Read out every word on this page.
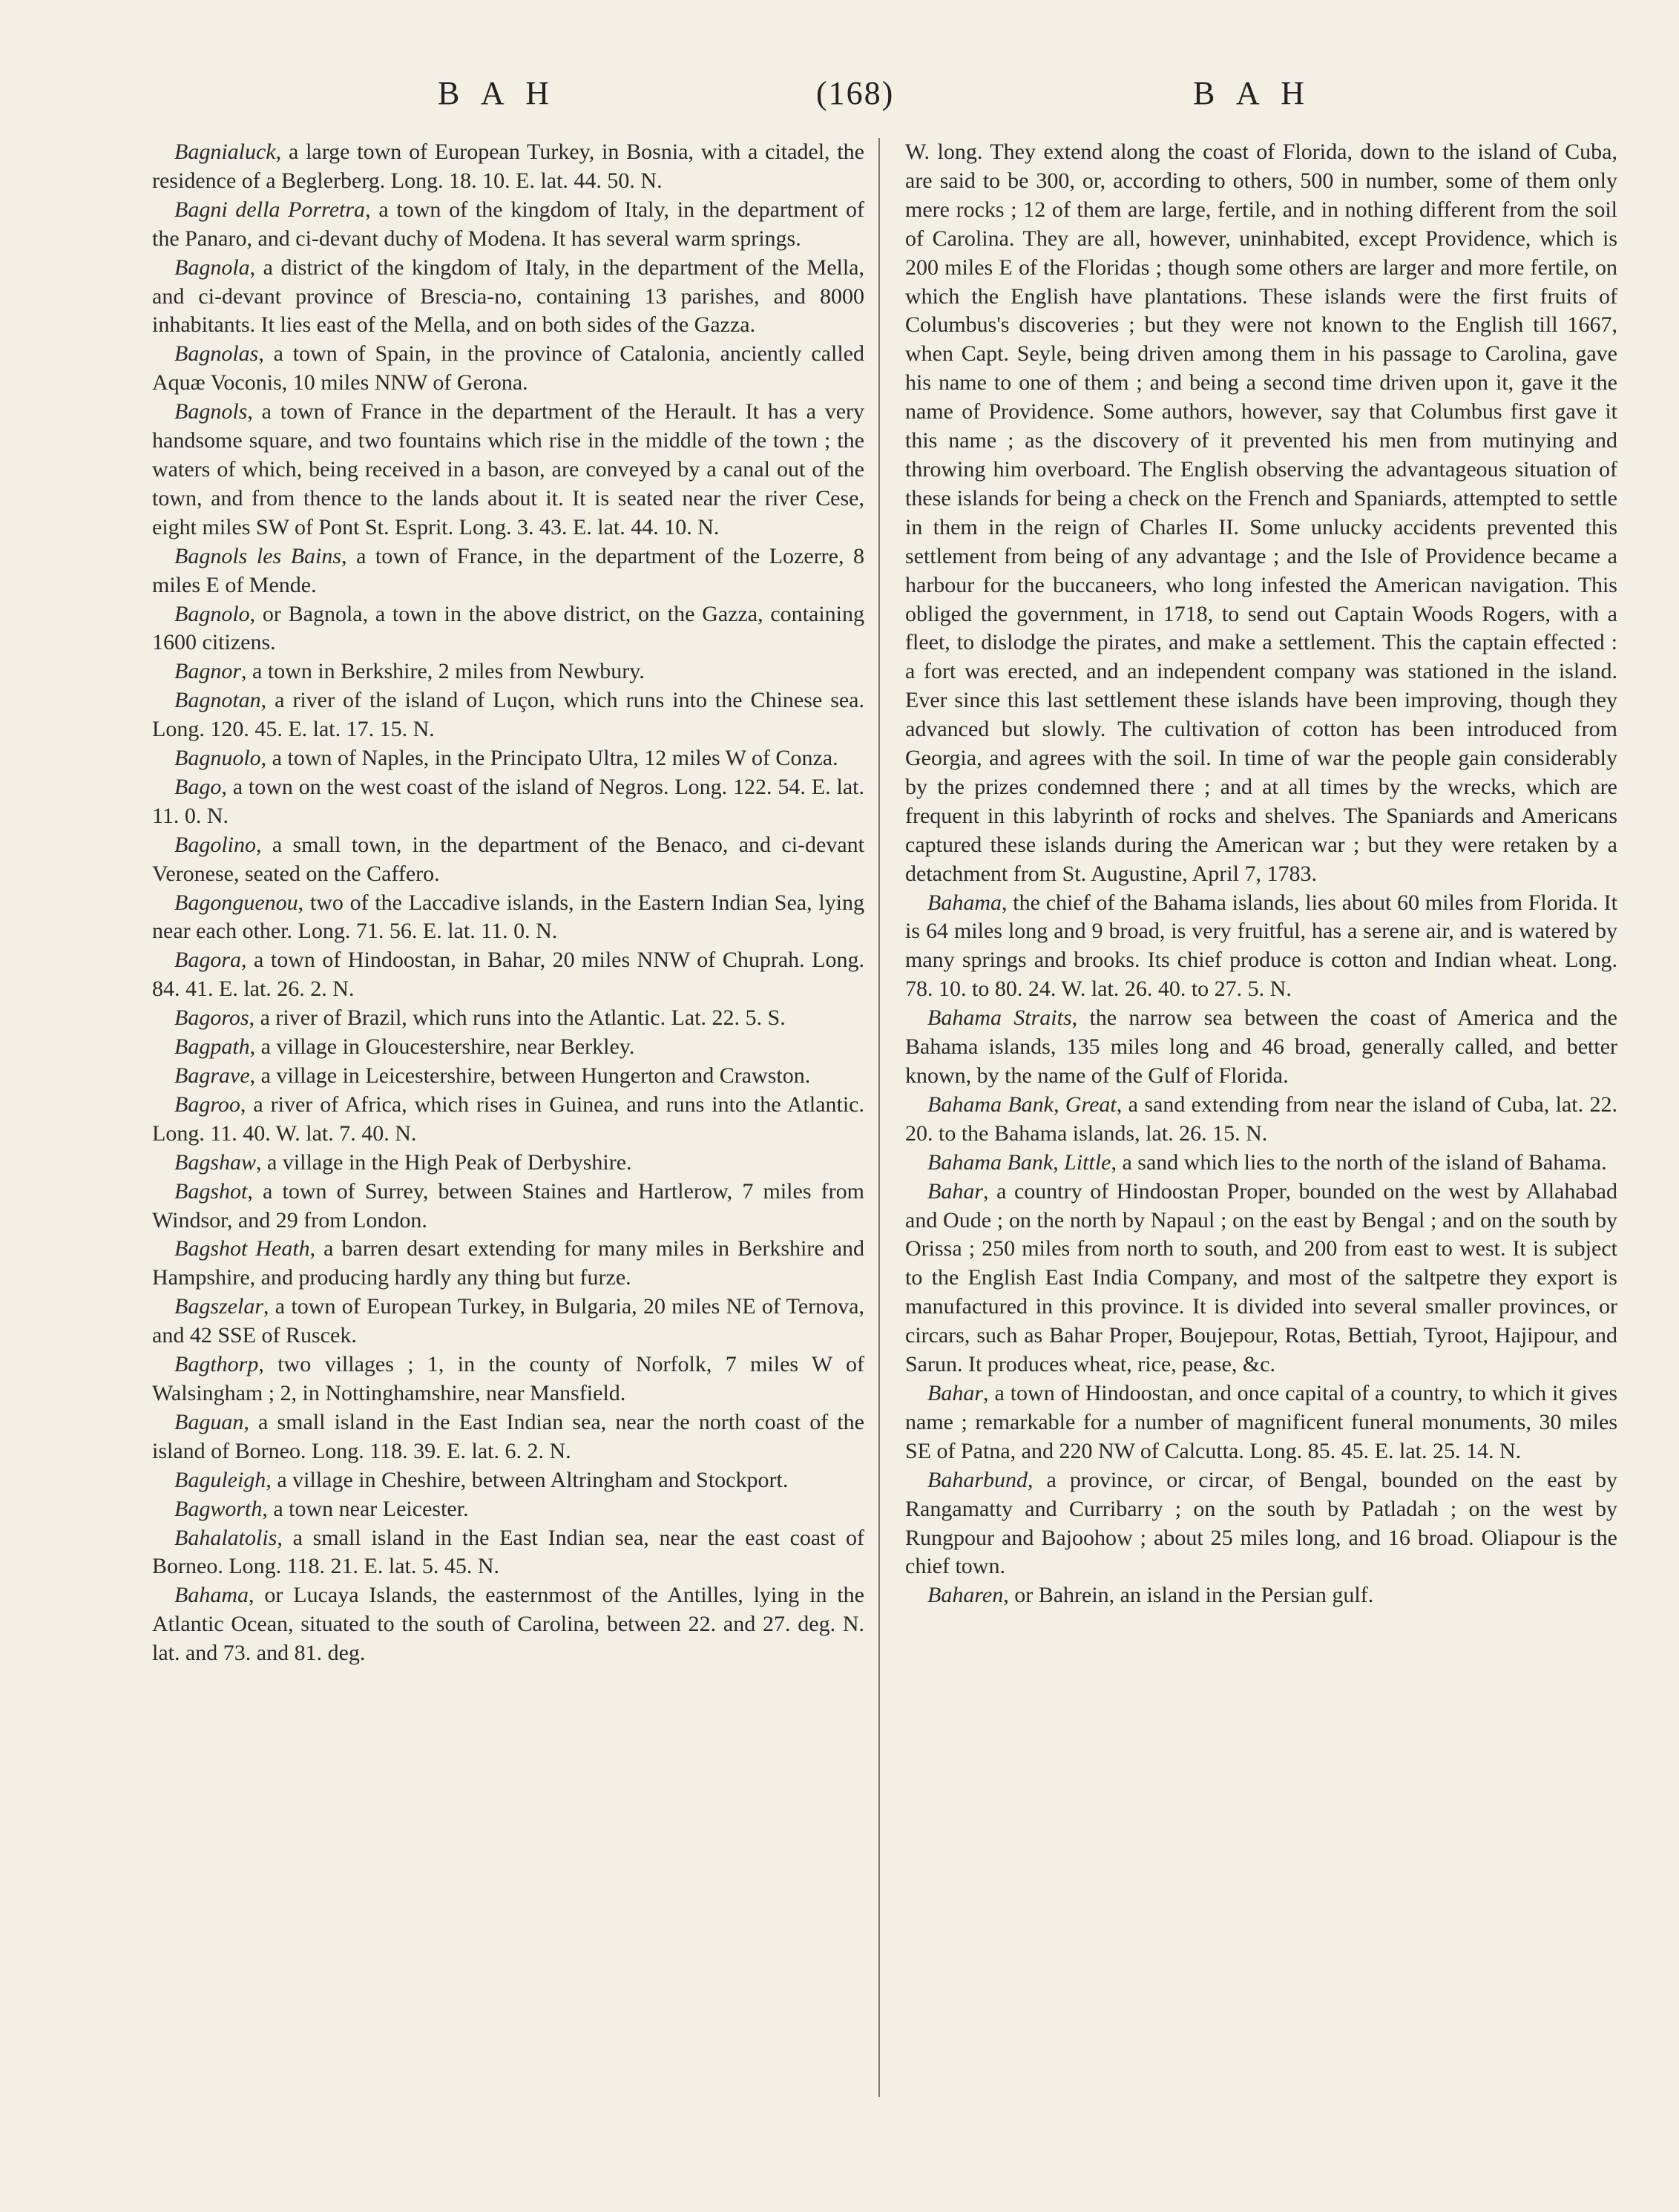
B A H	(168)	B A H

Bagnialuck, a large town of European Turkey, in Bosnia, with a citadel, the residence of a Beglerberg. Long. 18. 10. E. lat. 44. 50. N.

Bagni della Porretra, a town of the kingdom of Italy, in the department of the Panaro, and ci-devant duchy of Modena. It has several warm springs.

Bagnola, a district of the kingdom of Italy, in the department of the Mella, and ci-devant province of Brescia-no, containing 13 parishes, and 8000 inhabitants. It lies east of the Mella, and on both sides of the Gazza.

Bagnolas, a town of Spain, in the province of Catalonia, anciently called Aquæ Voconis, 10 miles NNW of Gerona.

Bagnols, a town of France in the department of the Herault. It has a very handsome square, and two fountains which rise in the middle of the town ; the waters of which, being received in a bason, are conveyed by a canal out of the town, and from thence to the lands about it. It is seated near the river Cese, eight miles SW of Pont St. Esprit. Long. 3. 43. E. lat. 44. 10. N.

Bagnols les Bains, a town of France, in the department of the Lozerre, 8 miles E of Mende.

Bagnolo, or Bagnola, a town in the above district, on the Gazza, containing 1600 citizens.

Bagnor, a town in Berkshire, 2 miles from Newbury.

Bagnotan, a river of the island of Luçon, which runs into the Chinese sea. Long. 120. 45. E. lat. 17. 15. N.

Bagnuolo, a town of Naples, in the Principato Ultra, 12 miles W of Conza.

Bago, a town on the west coast of the island of Negros. Long. 122. 54. E. lat. 11. 0. N.

Bagolino, a small town, in the department of the Benaco, and ci-devant Veronese, seated on the Caffero.

Bagonguenou, two of the Laccadive islands, in the Eastern Indian Sea, lying near each other. Long. 71. 56. E. lat. 11. 0. N.

Bagora, a town of Hindoostan, in Bahar, 20 miles NNW of Chuprah. Long. 84. 41. E. lat. 26. 2. N.

Bagoros, a river of Brazil, which runs into the Atlantic. Lat. 22. 5. S.

Bagpath, a village in Gloucestershire, near Berkley.

Bagrave, a village in Leicestershire, between Hungerton and Crawston.

Bagroo, a river of Africa, which rises in Guinea, and runs into the Atlantic. Long. 11. 40. W. lat. 7. 40. N.

Bagshaw, a village in the High Peak of Derbyshire.

Bagshot, a town of Surrey, between Staines and Hartlerow, 7 miles from Windsor, and 29 from London.

Bagshot Heath, a barren desart extending for many miles in Berkshire and Hampshire, and producing hardly any thing but furze.

Bagszelar, a town of European Turkey, in Bulgaria, 20 miles NE of Ternova, and 42 SSE of Ruscek.

Bagthorp, two villages ; 1, in the county of Norfolk, 7 miles W of Walsingham ; 2, in Nottinghamshire, near Mansfield.

Baguan, a small island in the East Indian sea, near the north coast of the island of Borneo. Long. 118. 39. E. lat. 6. 2. N.

Baguleigh, a village in Cheshire, between Altringham and Stockport.

Bagworth, a town near Leicester.

Bahalatolis, a small island in the East Indian sea, near the east coast of Borneo. Long. 118. 21. E. lat. 5. 45. N.

Bahama, or Lucaya Islands, the easternmost of the Antilles, lying in the Atlantic Ocean, situated to the south of Carolina, between 22. and 27. deg. N. lat. and 73. and 81. deg.

W. long. They extend along the coast of Florida, down to the island of Cuba, are said to be 300, or, according to others, 500 in number, some of them only mere rocks ; 12 of them are large, fertile, and in nothing different from the soil of Carolina. They are all, however, uninhabited, except Providence, which is 200 miles E of the Floridas ; though some others are larger and more fertile, on which the English have plantations. These islands were the first fruits of Columbus's discoveries ; but they were not known to the English till 1667, when Capt. Seyle, being driven among them in his passage to Carolina, gave his name to one of them ; and being a second time driven upon it, gave it the name of Providence. Some authors, however, say that Columbus first gave it this name ; as the discovery of it prevented his men from mutinying and throwing him overboard. The English observing the advantageous situation of these islands for being a check on the French and Spaniards, attempted to settle in them in the reign of Charles II. Some unlucky accidents prevented this settlement from being of any advantage ; and the Isle of Providence became a harbour for the buccaneers, who long infested the American navigation. This obliged the government, in 1718, to send out Captain Woods Rogers, with a fleet, to dislodge the pirates, and make a settlement. This the captain effected : a fort was erected, and an independent company was stationed in the island. Ever since this last settlement these islands have been improving, though they advanced but slowly. The cultivation of cotton has been introduced from Georgia, and agrees with the soil. In time of war the people gain considerably by the prizes condemned there ; and at all times by the wrecks, which are frequent in this labyrinth of rocks and shelves. The Spaniards and Americans captured these islands during the American war ; but they were retaken by a detachment from St. Augustine, April 7, 1783.

Bahama, the chief of the Bahama islands, lies about 60 miles from Florida. It is 64 miles long and 9 broad, is very fruitful, has a serene air, and is watered by many springs and brooks. Its chief produce is cotton and Indian wheat. Long. 78. 10. to 80. 24. W. lat. 26. 40. to 27. 5. N.

Bahama Straits, the narrow sea between the coast of America and the Bahama islands, 135 miles long and 46 broad, generally called, and better known, by the name of the Gulf of Florida.

Bahama Bank, Great, a sand extending from near the island of Cuba, lat. 22. 20. to the Bahama islands, lat. 26. 15. N.

Bahama Bank, Little, a sand which lies to the north of the island of Bahama.

Bahar, a country of Hindoostan Proper, bounded on the west by Allahabad and Oude ; on the north by Napaul ; on the east by Bengal ; and on the south by Orissa ; 250 miles from north to south, and 200 from east to west. It is subject to the English East India Company, and most of the saltpetre they export is manufactured in this province. It is divided into several smaller provinces, or circars, such as Bahar Proper, Boujepour, Rotas, Bettiah, Tyroot, Hajipour, and Sarun. It produces wheat, rice, pease, &c.

Bahar, a town of Hindoostan, and once capital of a country, to which it gives name ; remarkable for a number of magnificent funeral monuments, 30 miles SE of Patna, and 220 NW of Calcutta. Long. 85. 45. E. lat. 25. 14. N.

Baharbund, a province, or circar, of Bengal, bounded on the east by Rangamatty and Curribarry ; on the south by Patladah ; on the west by Rungpour and Bajoohow ; about 25 miles long, and 16 broad. Oliapour is the chief town.

Baharen, or Bahrein, an island in the Persian gulf.
